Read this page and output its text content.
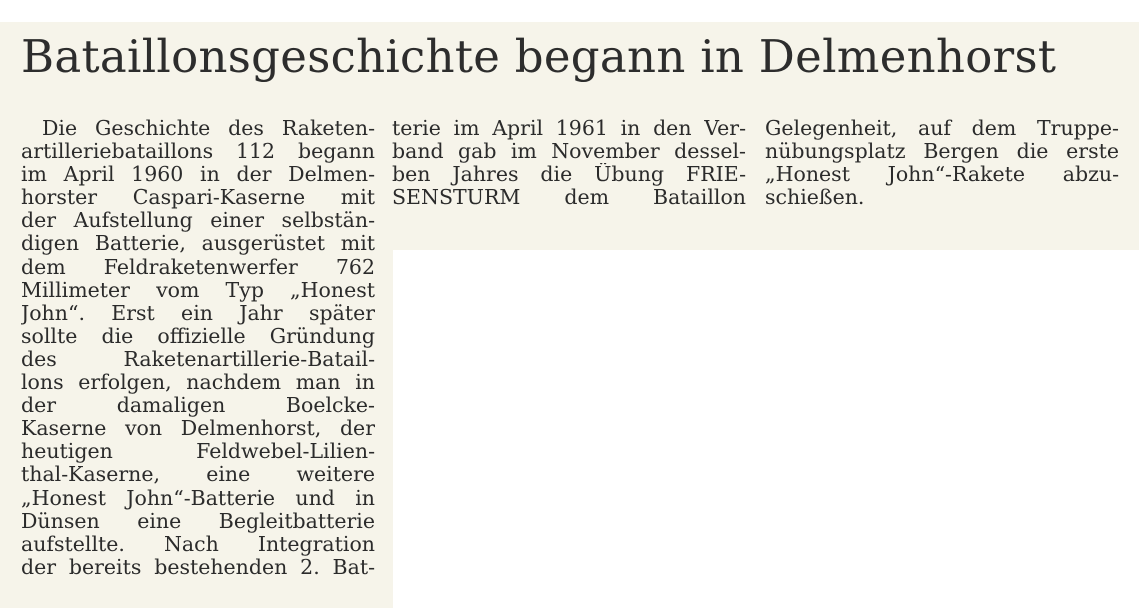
Bataillonsgeschichte begann in Delmenhorst
Die Geschichte des Raketen-
artilleriebataillons 112 begann
im April 1960 in der Delmen-
horster Caspari-Kaserne mit
der Aufstellung einer selbstän-
digen Batterie, ausgerüstet mit
dem Feldraketenwerfer 762
Millimeter vom Typ „Honest
John“. Erst ein Jahr später
sollte die offizielle Gründung
des Raketenartillerie-Batail-
lons erfolgen, nachdem man in
der damaligen Boelcke-
Kaserne von Delmenhorst, der
heutigen Feldwebel-Lilien-
thal-Kaserne, eine weitere
„Honest John“-Batterie und in
Dünsen eine Begleitbatterie
aufstellte. Nach Integration
der bereits bestehenden 2. Bat-
terie im April 1961 in den Ver-
band gab im November dessel-
ben Jahres die Übung FRIE-
SENSTURM dem Bataillon
Gelegenheit, auf dem Truppe-
nübungsplatz Bergen die erste
„Honest John“-Rakete abzu-
schießen.
